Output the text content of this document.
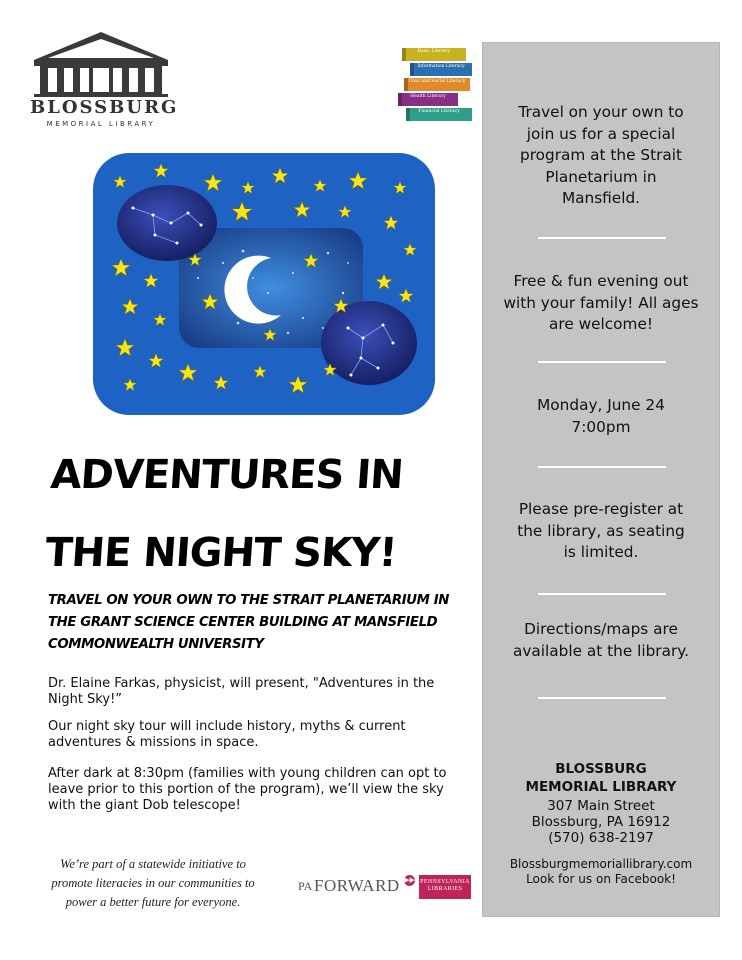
BLOSSBURG
MEMORIAL LIBRARY
Basic Literacy
Information Literacy
Civic and Social Literacy
Health Literacy
Financial Literacy
ADVENTURES IN THE NIGHT SKY!
TRAVEL ON YOUR OWN TO THE STRAIT PLANETARIUM IN THE GRANT SCIENCE CENTER BUILDING AT MANSFIELD COMMONWEALTH UNIVERSITY

Dr. Elaine Farkas, physicist, will present, "Adventures in the Night Sky!”

Our night sky tour will include history, myths & current adventures & missions in space.

After dark at 8:30pm (families with young children can opt to leave prior to this portion of the program), we’ll view the sky with the giant Dob telescope!

We’re part of a statewide initiative to promote literacies in our communities to power a better future for everyone.
PA FORWARD ▶▶ PENNSYLVANIA LIBRARIES

Travel on your own to join us for a special program at the Strait Planetarium in Mansfield.

Free & fun evening out with your family! All ages are welcome!

Monday, June 24

7:00pm

Please pre-register at the library, as seating is limited.

Directions/maps are available at the library.

BLOSSBURG MEMORIAL LIBRARY

307 Main Street

Blossburg, PA 16912

(570) 638-2197

Blossburgmemoriallibrary.com

Look for us on Facebook!
